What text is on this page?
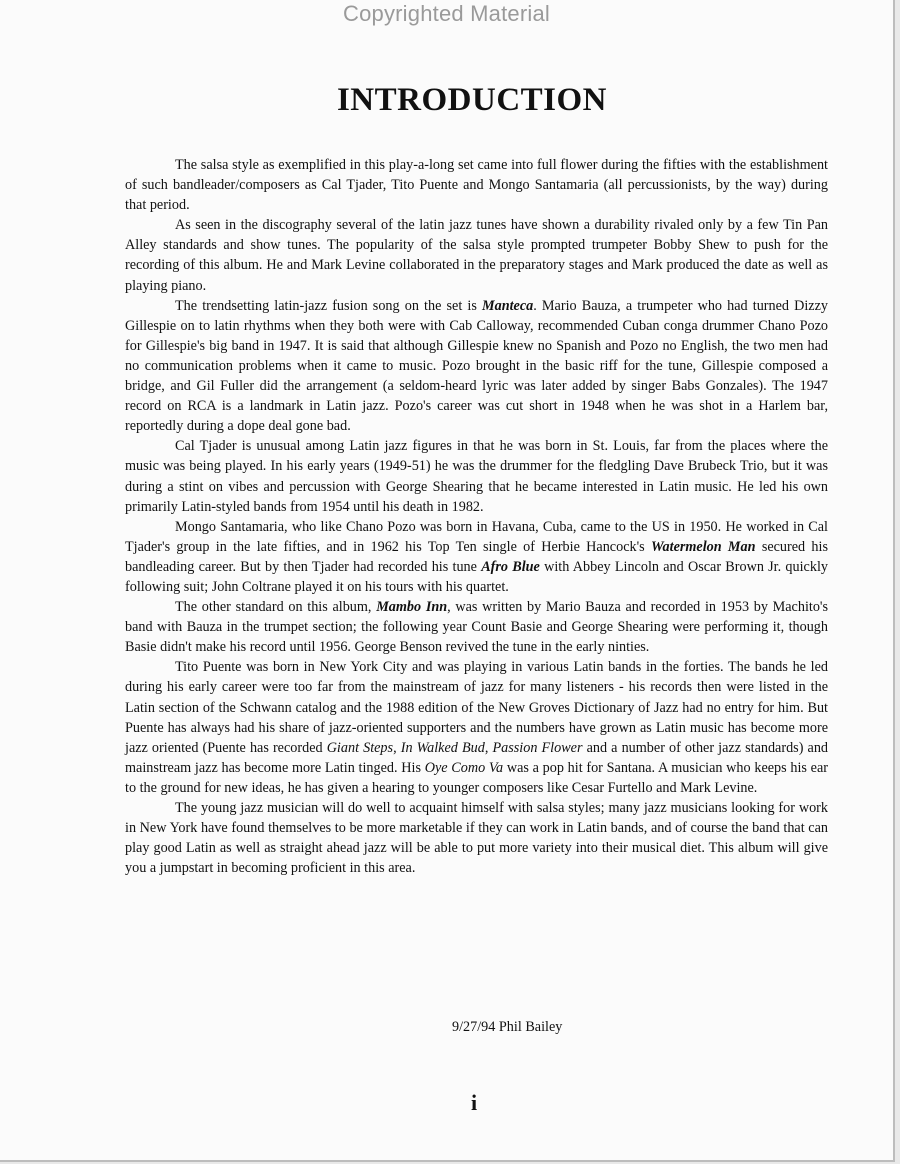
Copyrighted Material
INTRODUCTION

The salsa style as exemplified in this play-a-long set came into full flower during the fifties with the establishment of such bandleader/composers as Cal Tjader, Tito Puente and Mongo Santamaria (all percussionists, by the way) during that period.

As seen in the discography several of the latin jazz tunes have shown a durability rivaled only by a few Tin Pan Alley standards and show tunes. The popularity of the salsa style prompted trumpeter Bobby Shew to push for the recording of this album. He and Mark Levine collaborated in the preparatory stages and Mark produced the date as well as playing piano.

The trendsetting latin-jazz fusion song on the set is Manteca. Mario Bauza, a trumpeter who had turned Dizzy Gillespie on to latin rhythms when they both were with Cab Calloway, recommended Cuban conga drummer Chano Pozo for Gillespie's big band in 1947. It is said that although Gillespie knew no Spanish and Pozo no English, the two men had no communication problems when it came to music. Pozo brought in the basic riff for the tune, Gillespie composed a bridge, and Gil Fuller did the arrangement (a seldom-heard lyric was later added by singer Babs Gonzales). The 1947 record on RCA is a landmark in Latin jazz. Pozo's career was cut short in 1948 when he was shot in a Harlem bar, reportedly during a dope deal gone bad.

Cal Tjader is unusual among Latin jazz figures in that he was born in St. Louis, far from the places where the music was being played. In his early years (1949-51) he was the drummer for the fledgling Dave Brubeck Trio, but it was during a stint on vibes and percussion with George Shearing that he became interested in Latin music. He led his own primarily Latin-styled bands from 1954 until his death in 1982.

Mongo Santamaria, who like Chano Pozo was born in Havana, Cuba, came to the US in 1950. He worked in Cal Tjader's group in the late fifties, and in 1962 his Top Ten single of Herbie Hancock's Watermelon Man secured his bandleading career. But by then Tjader had recorded his tune Afro Blue with Abbey Lincoln and Oscar Brown Jr. quickly following suit; John Coltrane played it on his tours with his quartet.

The other standard on this album, Mambo Inn, was written by Mario Bauza and recorded in 1953 by Machito's band with Bauza in the trumpet section; the following year Count Basie and George Shearing were performing it, though Basie didn't make his record until 1956. George Benson revived the tune in the early ninties.

Tito Puente was born in New York City and was playing in various Latin bands in the forties. The bands he led during his early career were too far from the mainstream of jazz for many listeners - his records then were listed in the Latin section of the Schwann catalog and the 1988 edition of the New Groves Dictionary of Jazz had no entry for him. But Puente has always had his share of jazz-oriented supporters and the numbers have grown as Latin music has become more jazz oriented (Puente has recorded Giant Steps, In Walked Bud, Passion Flower and a number of other jazz standards) and mainstream jazz has become more Latin tinged. His Oye Como Va was a pop hit for Santana. A musician who keeps his ear to the ground for new ideas, he has given a hearing to younger composers like Cesar Furtello and Mark Levine.

The young jazz musician will do well to acquaint himself with salsa styles; many jazz musicians looking for work in New York have found themselves to be more marketable if they can work in Latin bands, and of course the band that can play good Latin as well as straight ahead jazz will be able to put more variety into their musical diet. This album will give you a jumpstart in becoming proficient in this area.

9/27/94 Phil Bailey
i
